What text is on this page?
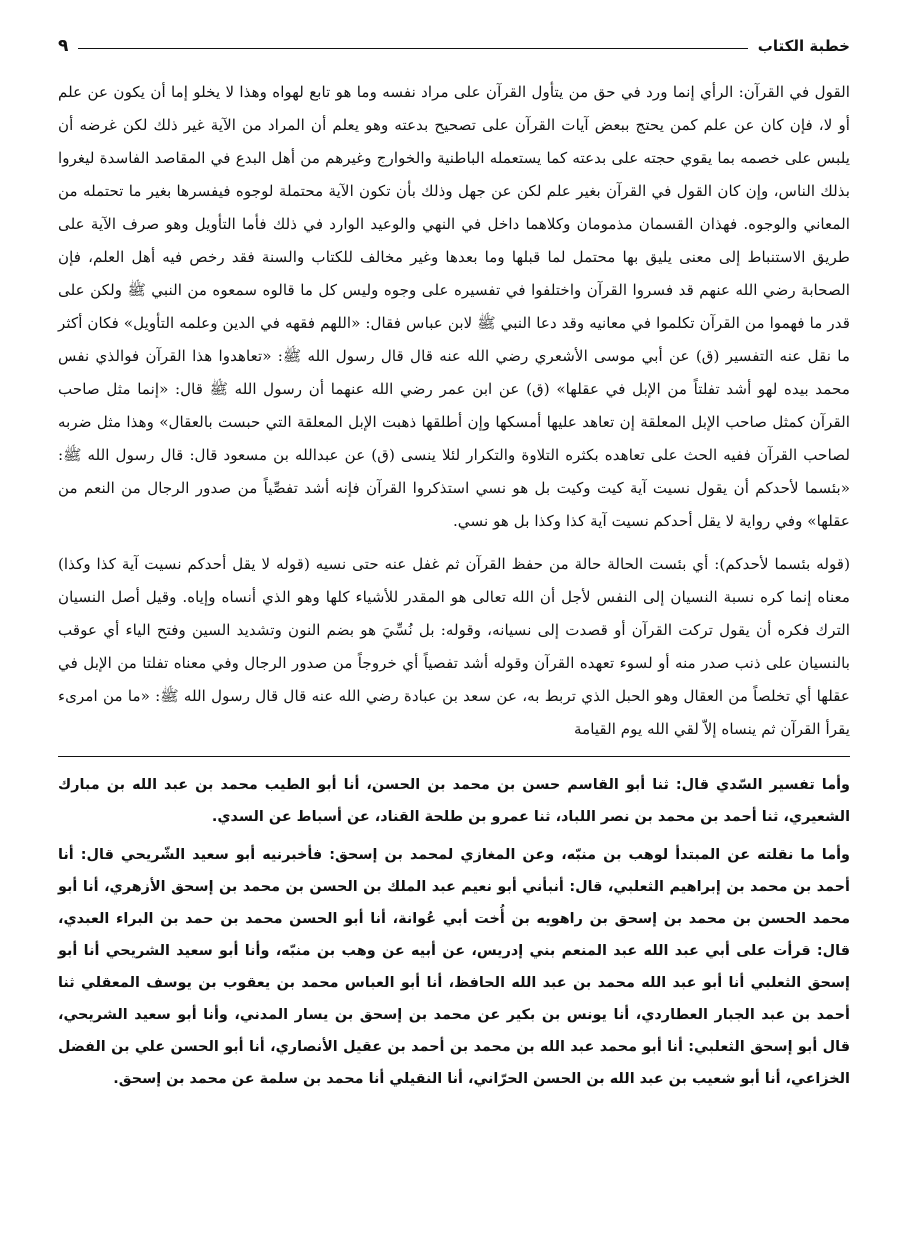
خطبة الكتاب
٩

القول في القرآن: الرأي إنما ورد في حق من يتأول القرآن على مراد نفسه وما هو تابع لهواه وهذا لا يخلو إما أن يكون عن علم أو لا، فإن كان عن علم كمن يحتج ببعض آيات القرآن على تصحيح بدعته وهو يعلم أن المراد من الآية غير ذلك لكن غرضه أن يلبس على خصمه بما يقوي حجته على بدعته كما يستعمله الباطنية والخوارج وغيرهم من أهل البدع في المقاصد الفاسدة ليغروا بذلك الناس، وإن كان القول في القرآن بغير علم لكن عن جهل وذلك بأن تكون الآية محتملة لوجوه فيفسرها بغير ما تحتمله من المعاني والوجوه. فهذان القسمان مذمومان وكلاهما داخل في النهي والوعيد الوارد في ذلك فأما التأويل وهو صرف الآية على طريق الاستنباط إلى معنى يليق بها محتمل لما قبلها وما بعدها وغير مخالف للكتاب والسنة فقد رخص فيه أهل العلم، فإن الصحابة رضي الله عنهم قد فسروا القرآن واختلفوا في تفسيره على وجوه وليس كل ما قالوه سمعوه من النبي ﷺ ولكن على قدر ما فهموا من القرآن تكلموا في معانيه وقد دعا النبي ﷺ لابن عباس فقال: «اللهم فقهه في الدين وعلمه التأويل» فكان أكثر ما نقل عنه التفسير (ق) عن أبي موسى الأشعري رضي الله عنه قال قال رسول الله ﷺ: «تعاهدوا هذا القرآن فوالذي نفس محمد بيده لهو أشد تفلتاً من الإبل في عقلها» (ق) عن ابن عمر رضي الله عنهما أن رسول الله ﷺ قال: «إنما مثل صاحب القرآن كمثل صاحب الإبل المعلقة إن تعاهد عليها أمسكها وإن أطلقها ذهبت الإبل المعلقة التي حبست بالعقال» وهذا مثل ضربه لصاحب القرآن ففيه الحث على تعاهده بكثره التلاوة والتكرار لئلا ينسى (ق) عن عبدالله بن مسعود قال: قال رسول الله ﷺ: «بئسما لأحدكم أن يقول نسيت آية كيت وكيت بل هو نسي استذكروا القرآن فإنه أشد تفصِّياً من صدور الرجال من النعم من عقلها» وفي رواية لا يقل أحدكم نسيت آية كذا وكذا بل هو نسي.

(قوله بئسما لأحدكم): أي بئست الحالة حالة من حفظ القرآن ثم غفل عنه حتى نسيه (قوله لا يقل أحدكم نسيت آية كذا وكذا) معناه إنما كره نسبة النسيان إلى النفس لأجل أن الله تعالى هو المقدر للأشياء كلها وهو الذي أنساه وإياه. وقيل أصل النسيان الترك فكره أن يقول تركت القرآن أو قصدت إلى نسيانه، وقوله: بل نُسِّيَ هو بضم النون وتشديد السين وفتح الياء أي عوقب بالنسيان على ذنب صدر منه أو لسوء تعهده القرآن وقوله أشد تفصياً أي خروجاً من صدور الرجال وفي معناه تفلتا من الإبل في عقلها أي تخلصاً من العقال وهو الحبل الذي تربط به، عن سعد بن عبادة رضي الله عنه قال قال رسول الله ﷺ: «ما من امرىء يقرأ القرآن ثم ينساه إلاّ لقي الله يوم القيامة

وأما تفسير السّدي قال: ثنا أبو القاسم حسن بن محمد بن الحسن، أنا أبو الطيب محمد بن عبد الله بن مبارك الشعيري، ثنا أحمد بن محمد بن نصر اللباد، ثنا عمرو بن طلحة القناد، عن أسباط عن السدي.

وأما ما نقلته عن المبتدأ لوهب بن منبّه، وعن المغازي لمحمد بن إسحق: فأخبرنيه أبو سعيد الشّريحي قال: أنا أحمد بن محمد بن إبراهيم الثعلبي، قال: أنبأني أبو نعيم عبد الملك بن الحسن بن محمد بن إسحق الأزهري، أنا أبو محمد الحسن بن محمد بن إسحق بن راهويه بن أُخت أبي عُوانة، أنا أبو الحسن محمد بن حمد بن البراء العبدي، قال: قرأت على أبي عبد الله عبد المنعم بني إدريس، عن أبيه عن وهب بن منبّه، وأنا أبو سعيد الشريحي أنا أبو إسحق الثعلبي أنا أبو عبد الله محمد بن عبد الله الحافظ، أنا أبو العباس محمد بن يعقوب بن يوسف المعقلي ثنا أحمد بن عبد الجبار العطاردي، أنا يونس بن بكير عن محمد بن إسحق بن يسار المدني، وأنا أبو سعيد الشريحي، قال أبو إسحق الثعلبي: أنا أبو محمد عبد الله بن محمد بن أحمد بن عقيل الأنصاري، أنا أبو الحسن علي بن الفضل الخزاعي، أنا أبو شعيب بن عبد الله بن الحسن الحرّاني، أنا النقيلي أنا محمد بن سلمة عن محمد بن إسحق.
